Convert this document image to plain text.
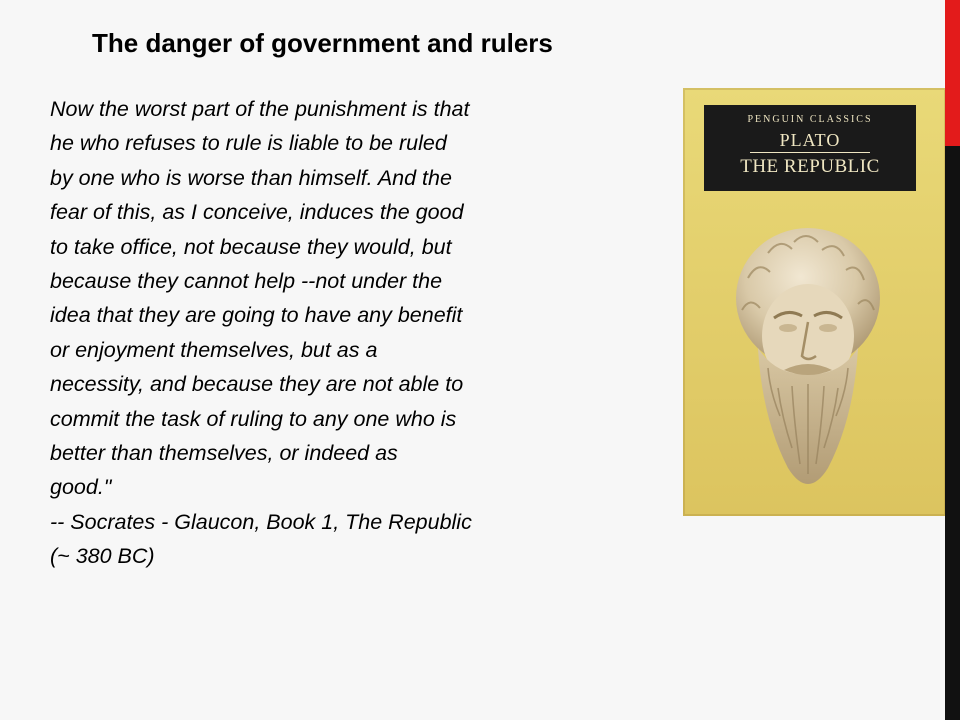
The danger of government and rulers
Now the worst part of the punishment is that
he who refuses to rule is liable to be ruled
by one who is worse than himself. And the
fear of this, as I conceive, induces the good
to take office, not because they would, but
because they cannot help --not under the
idea that they are going to have any benefit
or enjoyment themselves, but as a
necessity, and because they are not able to
commit the task of ruling to any one who is
better than themselves, or indeed as
good."
-- Socrates - Glaucon, Book 1, The Republic
(~ 380 BC)
PENGUIN CLASSICS
PLATO
THE REPUBLIC
